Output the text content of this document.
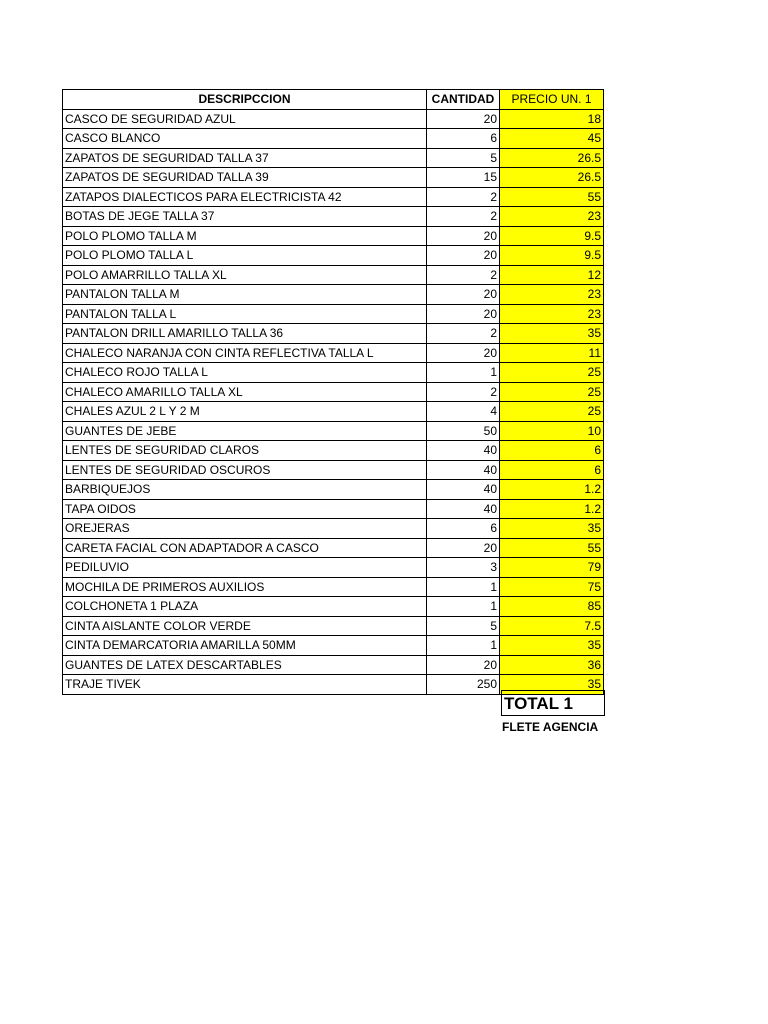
DESCRIPCCION	CANTIDAD	PRECIO UN. 1
CASCO DE SEGURIDAD AZUL	20	18
CASCO BLANCO	6	45
ZAPATOS DE SEGURIDAD TALLA 37	5	26.5
ZAPATOS DE SEGURIDAD TALLA 39	15	26.5
ZATAPOS DIALECTICOS PARA ELECTRICISTA 42	2	55
BOTAS DE JEGE TALLA 37	2	23
POLO PLOMO TALLA M	20	9.5
POLO PLOMO TALLA L	20	9.5
POLO AMARRILLO TALLA XL	2	12
PANTALON TALLA M	20	23
PANTALON TALLA L	20	23
PANTALON DRILL AMARILLO TALLA 36	2	35
CHALECO NARANJA CON CINTA REFLECTIVA TALLA L	20	11
CHALECO ROJO TALLA L	1	25
CHALECO AMARILLO TALLA XL	2	25
CHALES AZUL 2 L Y 2 M	4	25
GUANTES DE JEBE	50	10
LENTES DE SEGURIDAD CLAROS	40	6
LENTES DE SEGURIDAD OSCUROS	40	6
BARBIQUEJOS	40	1.2
TAPA OIDOS	40	1.2
OREJERAS	6	35
CARETA FACIAL CON ADAPTADOR A CASCO	20	55
PEDILUVIO	3	79
MOCHILA DE PRIMEROS AUXILIOS	1	75
COLCHONETA 1 PLAZA	1	85
CINTA AISLANTE COLOR VERDE	5	7.5
CINTA DEMARCATORIA AMARILLA 50MM	1	35
GUANTES DE LATEX DESCARTABLES	20	36
TRAJE TIVEK	250	35
TOTAL 1
FLETE AGENCIA
